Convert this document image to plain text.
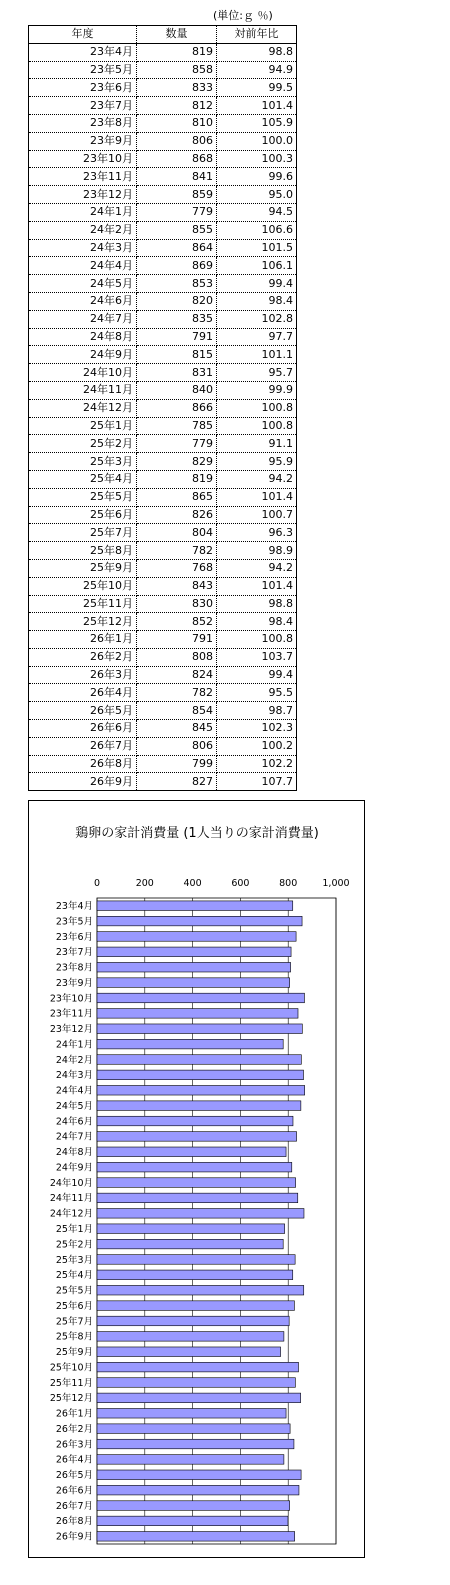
(単位:ｇ ％)
年度	数量	対前年比
23年4月	819	98.8
23年5月	858	94.9
23年6月	833	99.5
23年7月	812	101.4
23年8月	810	105.9
23年9月	806	100.0
23年10月	868	100.3
23年11月	841	99.6
23年12月	859	95.0
24年1月	779	94.5
24年2月	855	106.6
24年3月	864	101.5
24年4月	869	106.1
24年5月	853	99.4
24年6月	820	98.4
24年7月	835	102.8
24年8月	791	97.7
24年9月	815	101.1
24年10月	831	95.7
24年11月	840	99.9
24年12月	866	100.8
25年1月	785	100.8
25年2月	779	91.1
25年3月	829	95.9
25年4月	819	94.2
25年5月	865	101.4
25年6月	826	100.7
25年7月	804	96.3
25年8月	782	98.9
25年9月	768	94.2
25年10月	843	101.4
25年11月	830	98.8
25年12月	852	98.4
26年1月	791	100.8
26年2月	808	103.7
26年3月	824	99.4
26年4月	782	95.5
26年5月	854	98.7
26年6月	845	102.3
26年7月	806	100.2
26年8月	799	102.2
26年9月	827	107.7
鶏卵の家計消費量 (1人当りの家計消費量)
0	200	400	600	800	1,000
23年4月
23年5月
23年6月
23年7月
23年8月
23年9月
23年10月
23年11月
23年12月
24年1月
24年2月
24年3月
24年4月
24年5月
24年6月
24年7月
24年8月
24年9月
24年10月
24年11月
24年12月
25年1月
25年2月
25年3月
25年4月
25年5月
25年6月
25年7月
25年8月
25年9月
25年10月
25年11月
25年12月
26年1月
26年2月
26年3月
26年4月
26年5月
26年6月
26年7月
26年8月
26年9月
